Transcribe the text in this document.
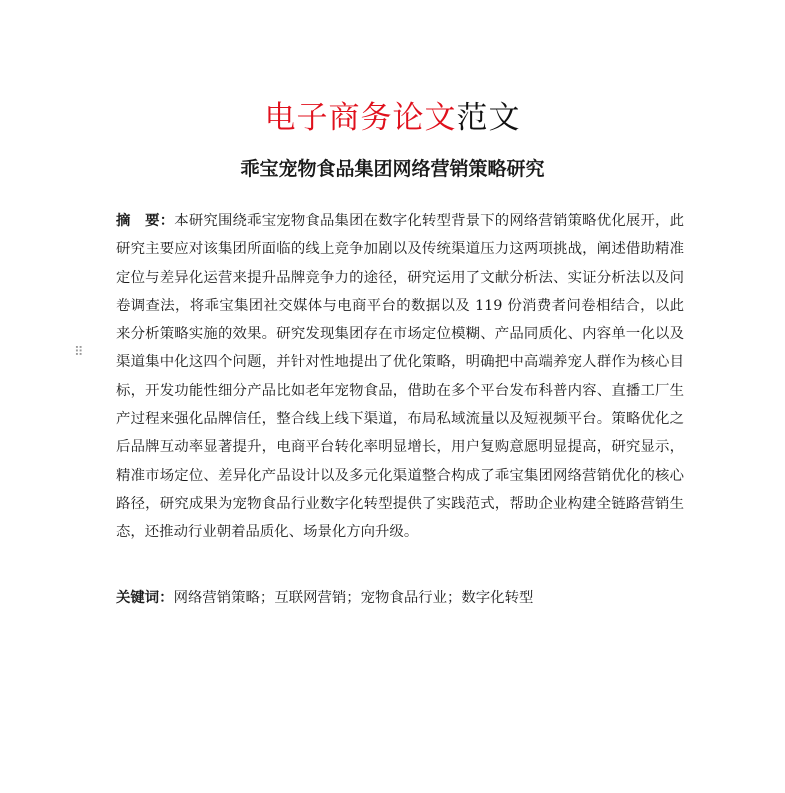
电子商务论文范文
乖宝宠物食品集团网络营销策略研究
⠿

摘　要：本研究围绕乖宝宠物食品集团在数字化转型背景下的网络营销策略优化展开，此研究主要应对该集团所面临的线上竞争加剧以及传统渠道压力这两项挑战，阐述借助精准定位与差异化运营来提升品牌竞争力的途径，研究运用了文献分析法、实证分析法以及问卷调查法，将乖宝集团社交媒体与电商平台的数据以及 119 份消费者问卷相结合，以此来分析策略实施的效果。研究发现集团存在市场定位模糊、产品同质化、内容单一化以及渠道集中化这四个问题，并针对性地提出了优化策略，明确把中高端养宠人群作为核心目标，开发功能性细分产品比如老年宠物食品，借助在多个平台发布科普内容、直播工厂生产过程来强化品牌信任，整合线上线下渠道，布局私域流量以及短视频平台。策略优化之后品牌互动率显著提升，电商平台转化率明显增长，用户复购意愿明显提高，研究显示，精准市场定位、差异化产品设计以及多元化渠道整合构成了乖宝集团网络营销优化的核心路径，研究成果为宠物食品行业数字化转型提供了实践范式，帮助企业构建全链路营销生态，还推动行业朝着品质化、场景化方向升级。

关键词：网络营销策略；互联网营销；宠物食品行业；数字化转型
